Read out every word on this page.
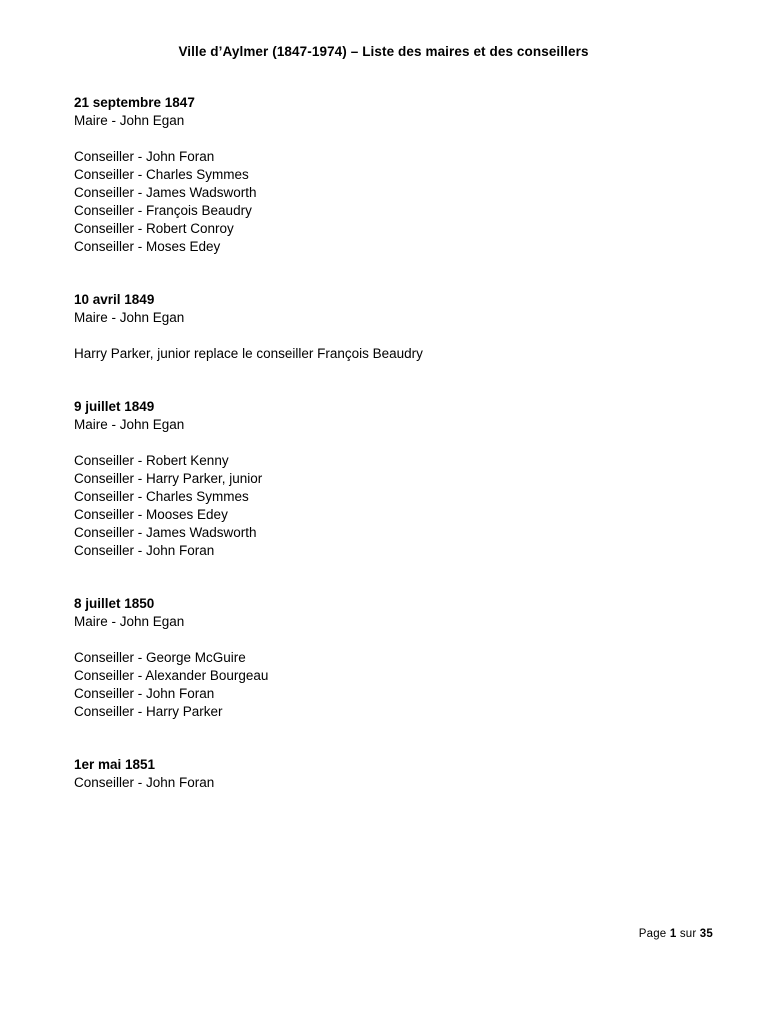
Ville d’Aylmer (1847-1974) – Liste des maires et des conseillers
21 septembre 1847
Maire - John Egan
Conseiller - John Foran
Conseiller - Charles Symmes
Conseiller - James Wadsworth
Conseiller - François Beaudry
Conseiller - Robert Conroy
Conseiller - Moses Edey
10 avril 1849
Maire - John Egan
Harry Parker, junior replace le conseiller François Beaudry
9 juillet 1849
Maire - John Egan
Conseiller - Robert Kenny
Conseiller - Harry Parker, junior
Conseiller - Charles Symmes
Conseiller - Mooses Edey
Conseiller - James Wadsworth
Conseiller - John Foran
8 juillet 1850
Maire - John Egan
Conseiller - George McGuire
Conseiller - Alexander Bourgeau
Conseiller - John Foran
Conseiller - Harry Parker
1er mai 1851
Conseiller - John Foran
Page 1 sur 35
